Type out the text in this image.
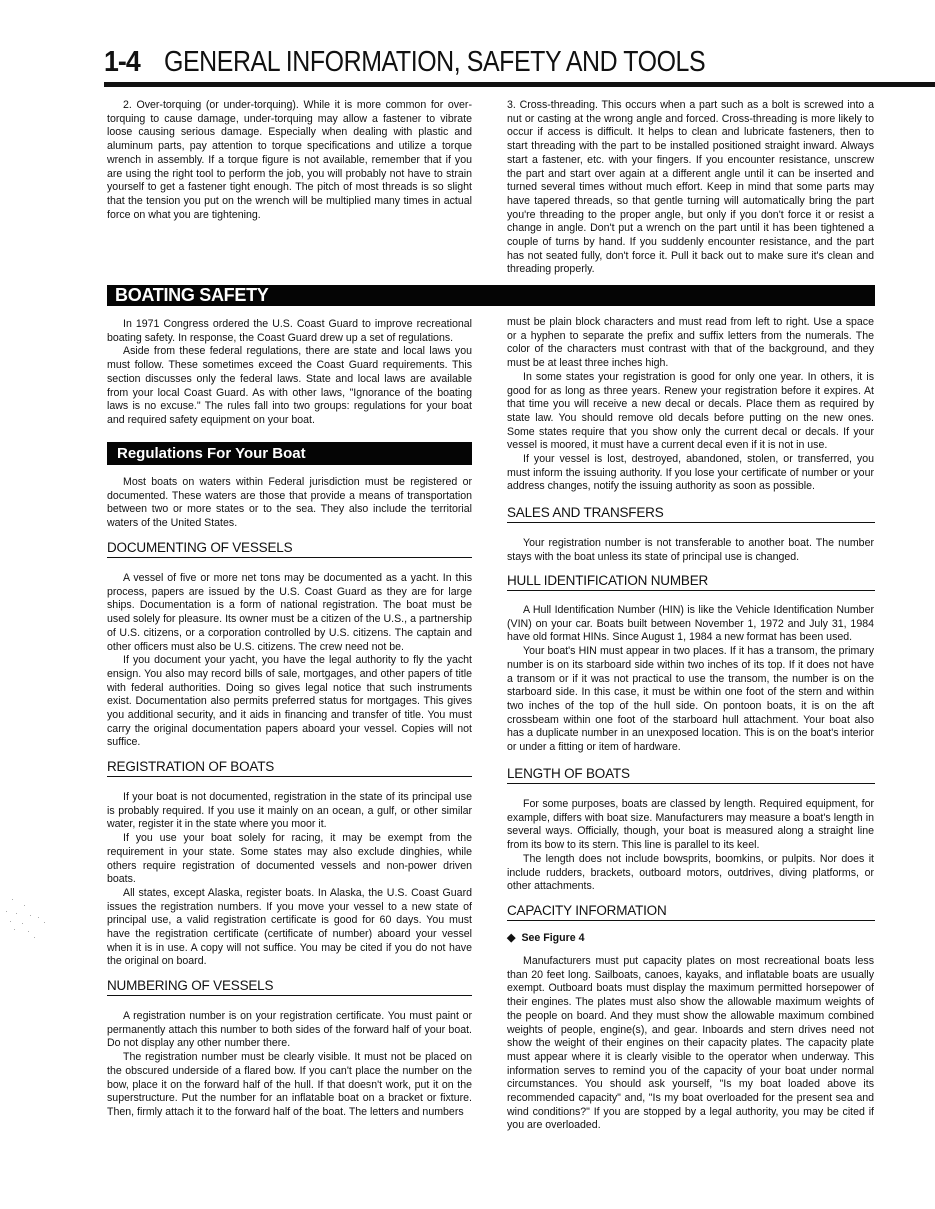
1-4 GENERAL INFORMATION, SAFETY AND TOOLS

2. Over-torquing (or under-torquing). While it is more common for over-torquing to cause damage, under-torquing may allow a fastener to vibrate loose causing serious damage. Especially when dealing with plastic and aluminum parts, pay attention to torque specifications and utilize a torque wrench in assembly. If a torque figure is not available, remember that if you are using the right tool to perform the job, you will probably not have to strain yourself to get a fastener tight enough. The pitch of most threads is so slight that the tension you put on the wrench will be multiplied many times in actual force on what you are tightening.

3. Cross-threading. This occurs when a part such as a bolt is screwed into a nut or casting at the wrong angle and forced. Cross-threading is more likely to occur if access is difficult. It helps to clean and lubricate fasteners, then to start threading with the part to be installed positioned straight inward. Always start a fastener, etc. with your fingers. If you encounter resistance, unscrew the part and start over again at a different angle until it can be inserted and turned several times without much effort. Keep in mind that some parts may have tapered threads, so that gentle turning will automatically bring the part you're threading to the proper angle, but only if you don't force it or resist a change in angle. Don't put a wrench on the part until it has been tightened a couple of turns by hand. If you suddenly encounter resistance, and the part has not seated fully, don't force it. Pull it back out to make sure it's clean and threading properly.

BOATING SAFETY

In 1971 Congress ordered the U.S. Coast Guard to improve recreational boating safety. In response, the Coast Guard drew up a set of regulations.

Aside from these federal regulations, there are state and local laws you must follow. These sometimes exceed the Coast Guard requirements. This section discusses only the federal laws. State and local laws are available from your local Coast Guard. As with other laws, "Ignorance of the boating laws is no excuse." The rules fall into two groups: regulations for your boat and required safety equipment on your boat.

Regulations For Your Boat

Most boats on waters within Federal jurisdiction must be registered or documented. These waters are those that provide a means of transportation between two or more states or to the sea. They also include the territorial waters of the United States.

DOCUMENTING OF VESSELS

A vessel of five or more net tons may be documented as a yacht. In this process, papers are issued by the U.S. Coast Guard as they are for large ships. Documentation is a form of national registration. The boat must be used solely for pleasure. Its owner must be a citizen of the U.S., a partnership of U.S. citizens, or a corporation controlled by U.S. citizens. The captain and other officers must also be U.S. citizens. The crew need not be.

If you document your yacht, you have the legal authority to fly the yacht ensign. You also may record bills of sale, mortgages, and other papers of title with federal authorities. Doing so gives legal notice that such instruments exist. Documentation also permits preferred status for mortgages. This gives you additional security, and it aids in financing and transfer of title. You must carry the original documentation papers aboard your vessel. Copies will not suffice.

REGISTRATION OF BOATS

If your boat is not documented, registration in the state of its principal use is probably required. If you use it mainly on an ocean, a gulf, or other similar water, register it in the state where you moor it.

If you use your boat solely for racing, it may be exempt from the requirement in your state. Some states may also exclude dinghies, while others require registration of documented vessels and non-power driven boats.

All states, except Alaska, register boats. In Alaska, the U.S. Coast Guard issues the registration numbers. If you move your vessel to a new state of principal use, a valid registration certificate is good for 60 days. You must have the registration certificate (certificate of number) aboard your vessel when it is in use. A copy will not suffice. You may be cited if you do not have the original on board.

NUMBERING OF VESSELS

A registration number is on your registration certificate. You must paint or permanently attach this number to both sides of the forward half of your boat. Do not display any other number there.

The registration number must be clearly visible. It must not be placed on the obscured underside of a flared bow. If you can't place the number on the bow, place it on the forward half of the hull. If that doesn't work, put it on the superstructure. Put the number for an inflatable boat on a bracket or fixture. Then, firmly attach it to the forward half of the boat. The letters and numbers

must be plain block characters and must read from left to right. Use a space or a hyphen to separate the prefix and suffix letters from the numerals. The color of the characters must contrast with that of the background, and they must be at least three inches high.

In some states your registration is good for only one year. In others, it is good for as long as three years. Renew your registration before it expires. At that time you will receive a new decal or decals. Place them as required by state law. You should remove old decals before putting on the new ones. Some states require that you show only the current decal or decals. If your vessel is moored, it must have a current decal even if it is not in use.

If your vessel is lost, destroyed, abandoned, stolen, or transferred, you must inform the issuing authority. If you lose your certificate of number or your address changes, notify the issuing authority as soon as possible.

SALES AND TRANSFERS

Your registration number is not transferable to another boat. The number stays with the boat unless its state of principal use is changed.

HULL IDENTIFICATION NUMBER

A Hull Identification Number (HIN) is like the Vehicle Identification Number (VIN) on your car. Boats built between November 1, 1972 and July 31, 1984 have old format HINs. Since August 1, 1984 a new format has been used.

Your boat's HIN must appear in two places. If it has a transom, the primary number is on its starboard side within two inches of its top. If it does not have a transom or if it was not practical to use the transom, the number is on the starboard side. In this case, it must be within one foot of the stern and within two inches of the top of the hull side. On pontoon boats, it is on the aft crossbeam within one foot of the starboard hull attachment. Your boat also has a duplicate number in an unexposed location. This is on the boat's interior or under a fitting or item of hardware.

LENGTH OF BOATS

For some purposes, boats are classed by length. Required equipment, for example, differs with boat size. Manufacturers may measure a boat's length in several ways. Officially, though, your boat is measured along a straight line from its bow to its stern. This line is parallel to its keel.

The length does not include bowsprits, boomkins, or pulpits. Nor does it include rudders, brackets, outboard motors, outdrives, diving platforms, or other attachments.

CAPACITY INFORMATION
◆ See Figure 4

Manufacturers must put capacity plates on most recreational boats less than 20 feet long. Sailboats, canoes, kayaks, and inflatable boats are usually exempt. Outboard boats must display the maximum permitted horsepower of their engines. The plates must also show the allowable maximum weights of the people on board. And they must show the allowable maximum combined weights of people, engine(s), and gear. Inboards and stern drives need not show the weight of their engines on their capacity plates. The capacity plate must appear where it is clearly visible to the operator when underway. This information serves to remind you of the capacity of your boat under normal circumstances. You should ask yourself, "Is my boat loaded above its recommended capacity" and, "Is my boat overloaded for the present sea and wind conditions?" If you are stopped by a legal authority, you may be cited if you are overloaded.
